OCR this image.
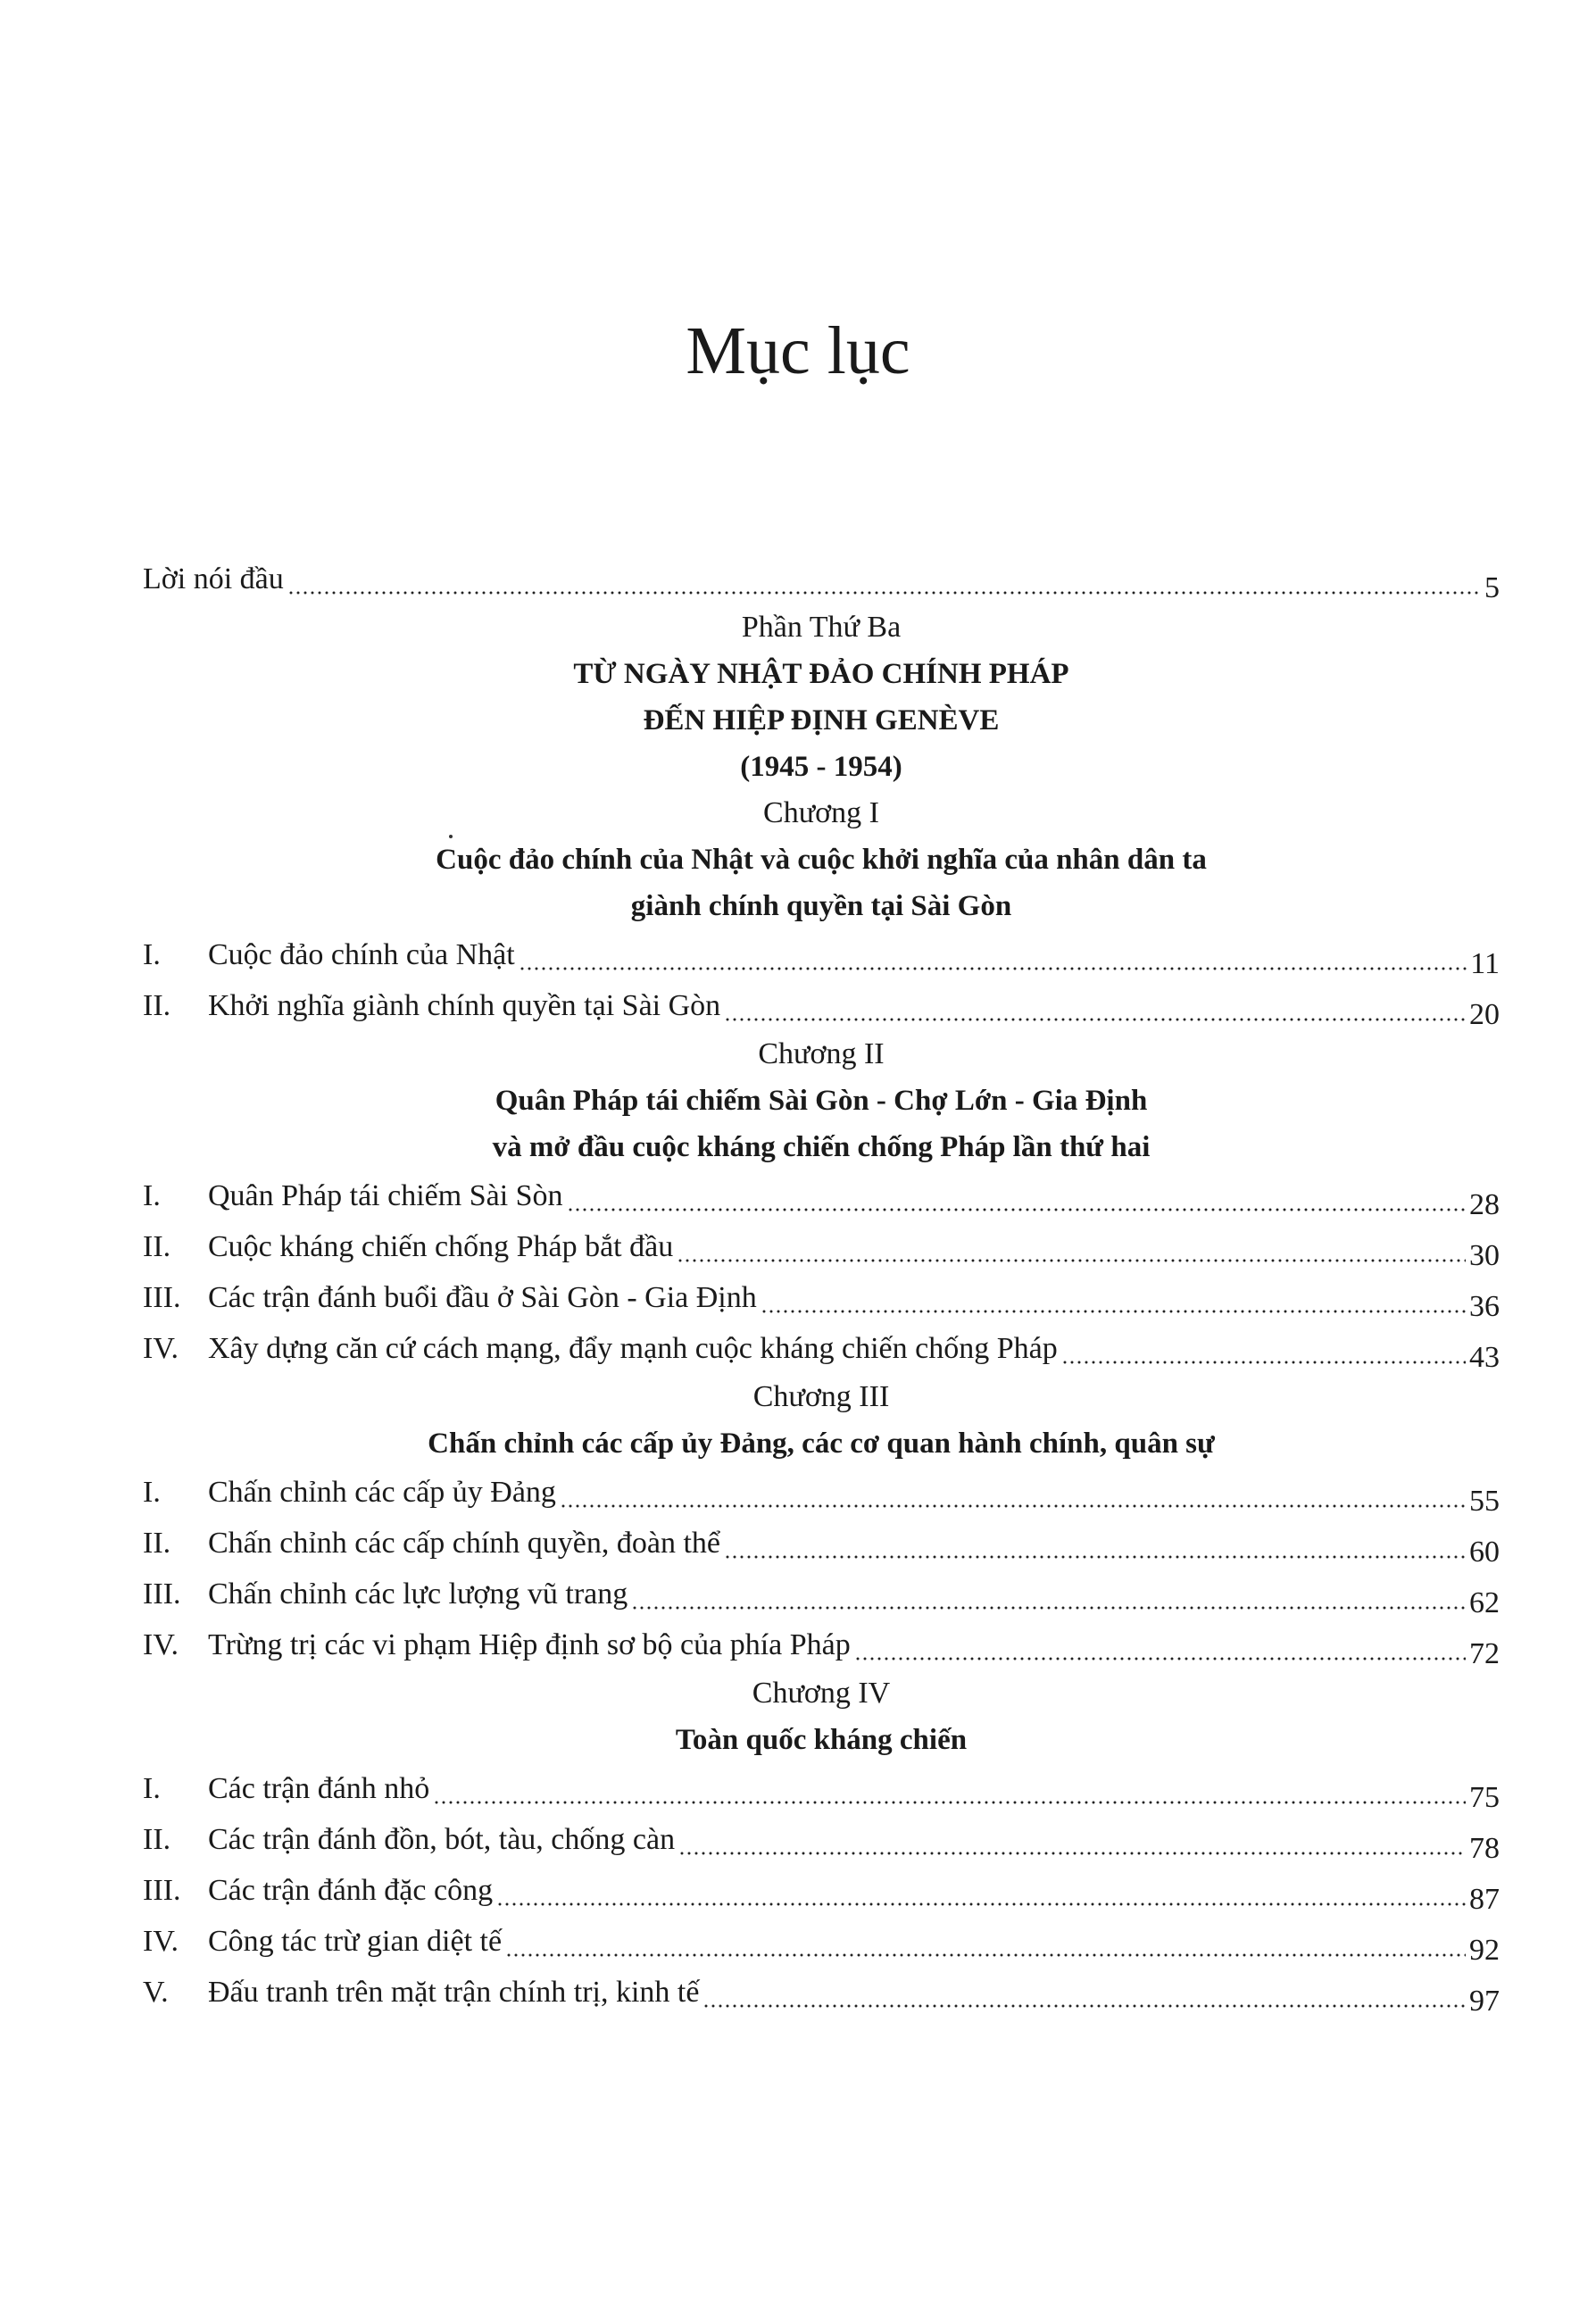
Mục lục
Lời nói đầu	5
Phần Thứ Ba
TỪ NGÀY NHẬT ĐẢO CHÍNH PHÁP
ĐẾN HIỆP ĐỊNH GENÈVE
(1945 - 1954)
Chương I
Cuộc đảo chính của Nhật và cuộc khởi nghĩa của nhân dân ta
giành chính quyền tại Sài Gòn
I.	Cuộc đảo chính của Nhật	11
II.	Khởi nghĩa giành chính quyền tại Sài Gòn	20
Chương II
Quân Pháp tái chiếm Sài Gòn - Chợ Lớn - Gia Định
và mở đầu cuộc kháng chiến chống Pháp lần thứ hai
I.	Quân Pháp tái chiếm Sài Sòn	28
II.	Cuộc kháng chiến chống Pháp bắt đầu	30
III. Các trận đánh buổi đầu ở Sài Gòn - Gia Định	36
IV. Xây dựng căn cứ cách mạng, đẩy mạnh cuộc kháng chiến chống Pháp	43
Chương III
Chấn chỉnh các cấp ủy Đảng, các cơ quan hành chính, quân sự
I.	Chấn chỉnh các cấp ủy Đảng	55
II.	Chấn chỉnh các cấp chính quyền, đoàn thể	60
III. Chấn chỉnh các lực lượng vũ trang	62
IV. Trừng trị các vi phạm Hiệp định sơ bộ của phía Pháp	72
Chương IV
Toàn quốc kháng chiến
I.	Các trận đánh nhỏ	75
II.	Các trận đánh đồn, bót, tàu, chống càn	78
III. Các trận đánh đặc công	87
IV. Công tác trừ gian diệt tế	92
V.	Đấu tranh trên mặt trận chính trị, kinh tế	97
